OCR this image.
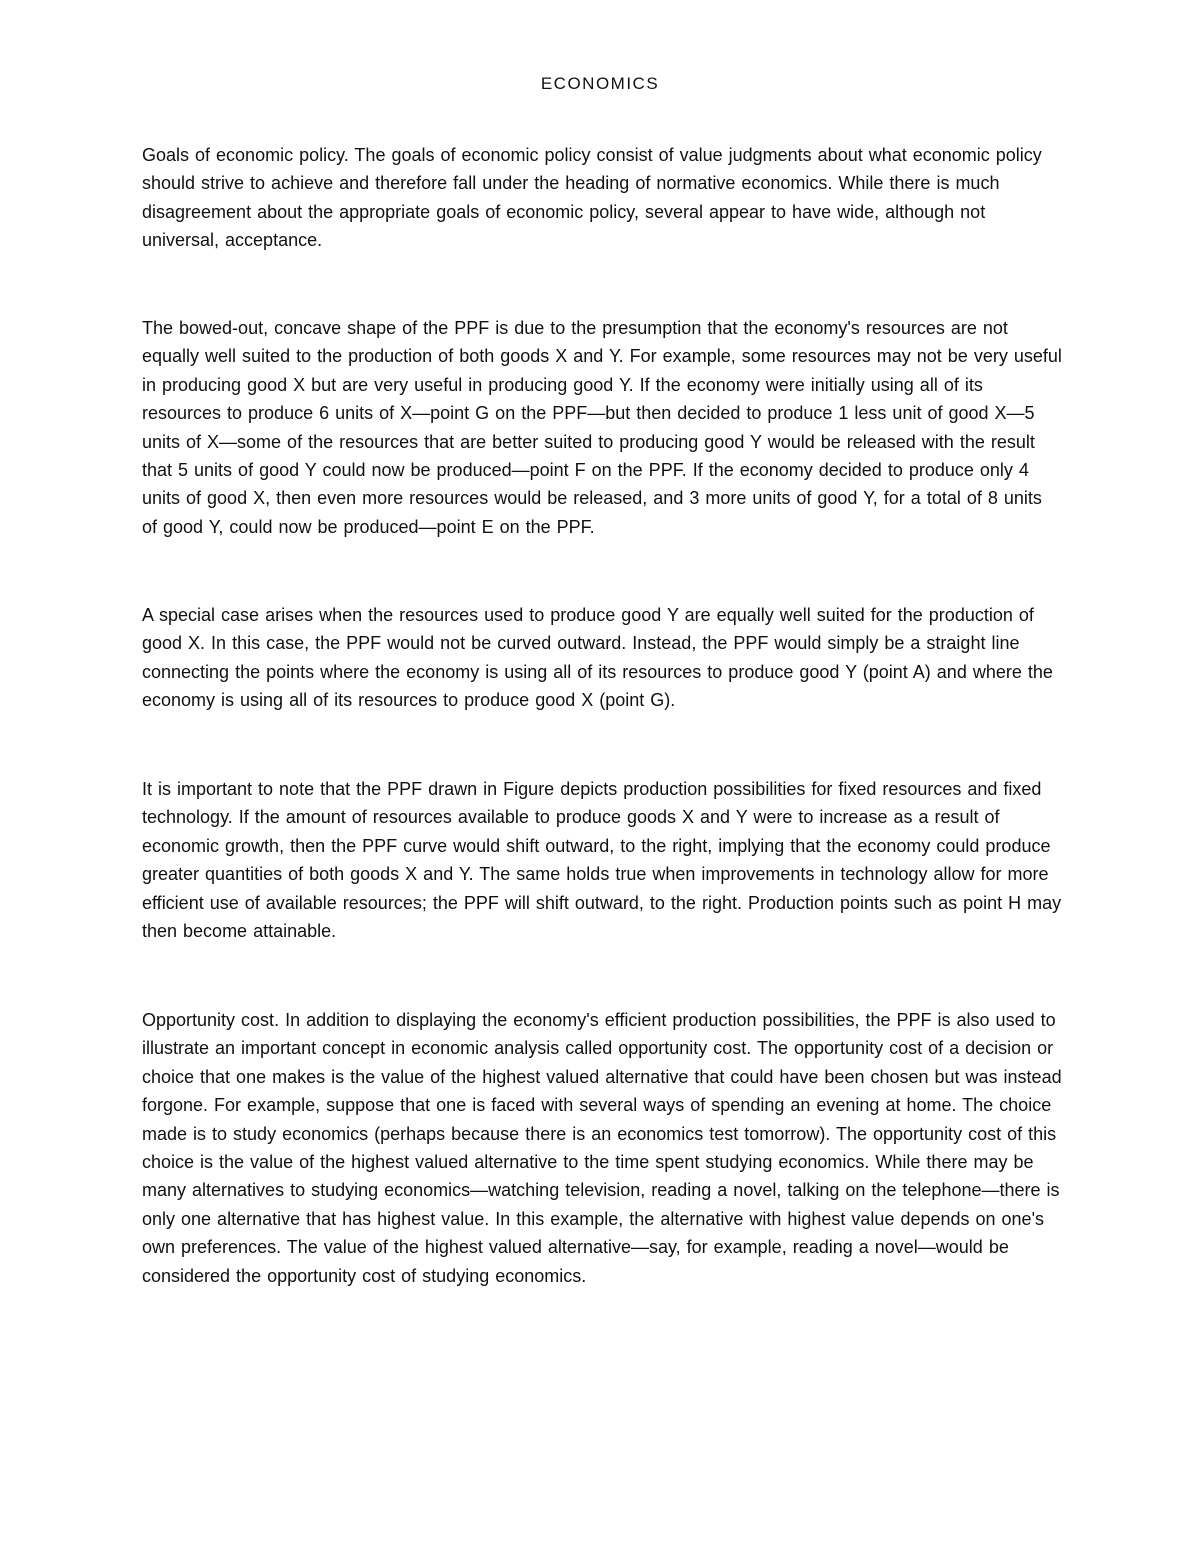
ECONOMICS

Goals of economic policy. The goals of economic policy consist of value judgments about what economic policy should strive to achieve and therefore fall under the heading of normative economics. While there is much disagreement about the appropriate goals of economic policy, several appear to have wide, although not universal, acceptance.

The bowed-out, concave shape of the PPF is due to the presumption that the economy's resources are not equally well suited to the production of both goods X and Y. For example, some resources may not be very useful in producing good X but are very useful in producing good Y. If the economy were initially using all of its resources to produce 6 units of X—point G on the PPF—but then decided to produce 1 less unit of good X—5 units of X—some of the resources that are better suited to producing good Y would be released with the result that 5 units of good Y could now be produced—point F on the PPF. If the economy decided to produce only 4 units of good X, then even more resources would be released, and 3 more units of good Y, for a total of 8 units of good Y, could now be produced—point E on the PPF.

A special case arises when the resources used to produce good Y are equally well suited for the production of good X. In this case, the PPF would not be curved outward. Instead, the PPF would simply be a straight line connecting the points where the economy is using all of its resources to produce good Y (point A) and where the economy is using all of its resources to produce good X (point G).

It is important to note that the PPF drawn in Figure depicts production possibilities for fixed resources and fixed technology. If the amount of resources available to produce goods X and Y were to increase as a result of economic growth, then the PPF curve would shift outward, to the right, implying that the economy could produce greater quantities of both goods X and Y. The same holds true when improvements in technology allow for more efficient use of available resources; the PPF will shift outward, to the right. Production points such as point H may then become attainable.

Opportunity cost. In addition to displaying the economy's efficient production possibilities, the PPF is also used to illustrate an important concept in economic analysis called opportunity cost. The opportunity cost of a decision or choice that one makes is the value of the highest valued alternative that could have been chosen but was instead forgone. For example, suppose that one is faced with several ways of spending an evening at home. The choice made is to study economics (perhaps because there is an economics test tomorrow). The opportunity cost of this choice is the value of the highest valued alternative to the time spent studying economics. While there may be many alternatives to studying economics—watching television, reading a novel, talking on the telephone—there is only one alternative that has highest value. In this example, the alternative with highest value depends on one's own preferences. The value of the highest valued alternative—say, for example, reading a novel—would be considered the opportunity cost of studying economics.
